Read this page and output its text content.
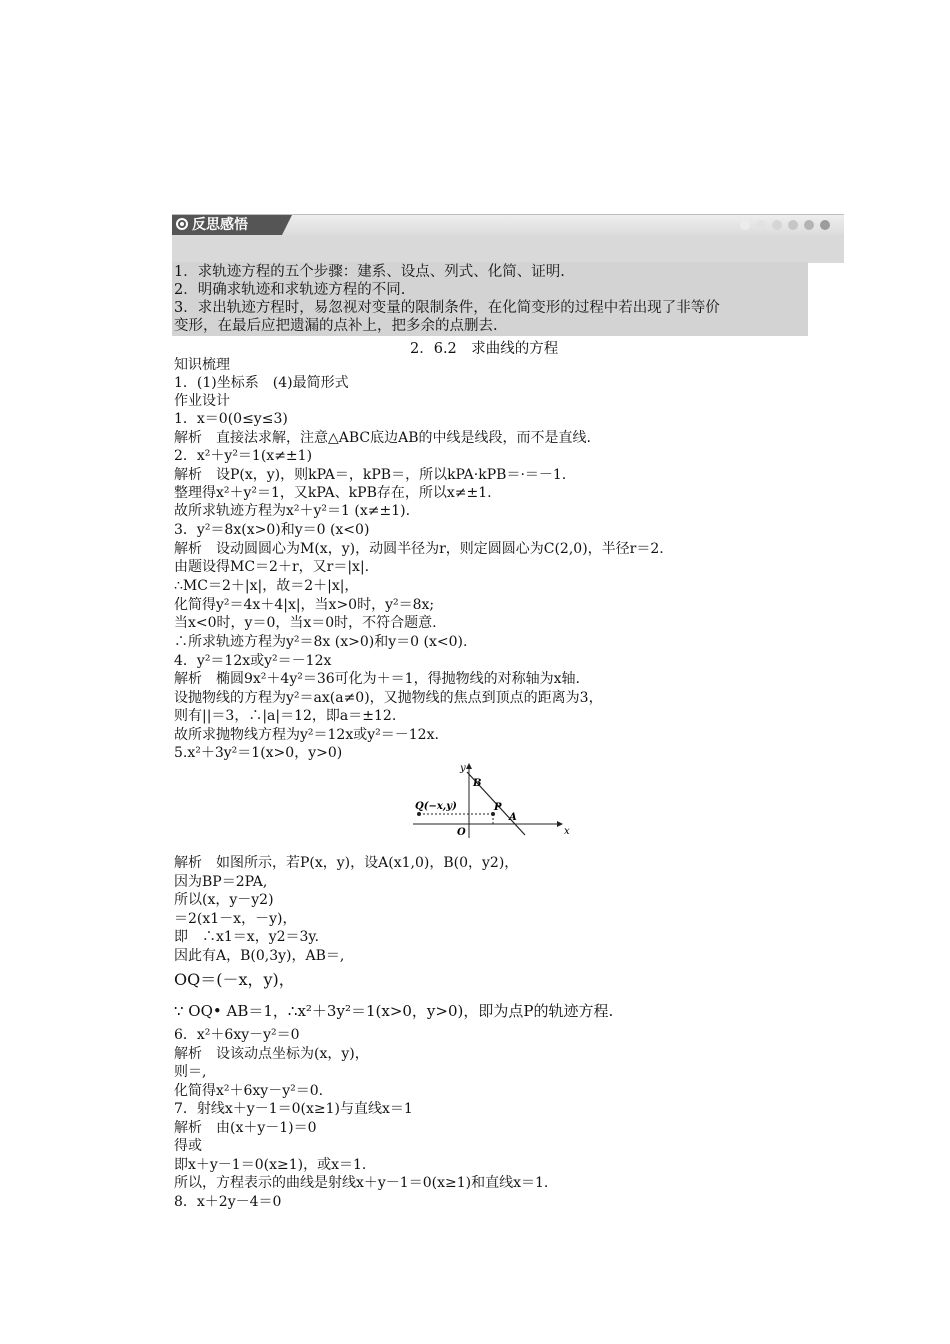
反思感悟
1．求轨迹方程的五个步骤：建系、设点、列式、化简、证明.
2．明确求轨迹和求轨迹方程的不同.
3．求出轨迹方程时，易忽视对变量的限制条件，在化简变形的过程中若出现了非等价
变形，在最后应把遗漏的点补上，把多余的点删去.
2．6.2　求曲线的方程
知识梳理
1．(1)坐标系　(4)最简形式
作业设计
1．x＝0(0≤y≤3)
解析　直接法求解，注意△ABC底边AB的中线是线段，而不是直线.
2．x²＋y²＝1(x≠±1)
解析　设P(x，y)，则kPA＝，kPB＝，所以kPA·kPB＝·＝－1.
整理得x²＋y²＝1，又kPA、kPB存在，所以x≠±1.
故所求轨迹方程为x²＋y²＝1 (x≠±1).
3．y²＝8x(x>0)和y＝0 (x<0)
解析　设动圆圆心为M(x，y)，动圆半径为r，则定圆圆心为C(2,0)，半径r＝2.
由题设得MC＝2＋r，又r＝|x|.
∴MC＝2＋|x|，故＝2＋|x|，
化简得y²＝4x＋4|x|，当x>0时，y²＝8x;
当x<0时，y＝0，当x＝0时，不符合题意.
∴所求轨迹方程为y²＝8x (x>0)和y＝0 (x<0).
4．y²＝12x或y²＝－12x
解析　椭圆9x²＋4y²＝36可化为＋＝1，得抛物线的对称轴为x轴.
设抛物线的方程为y²＝ax(a≠0)，又抛物线的焦点到顶点的距离为3，
则有||＝3，∴|a|＝12，即a＝±12.
故所求抛物线方程为y²＝12x或y²＝－12x.
5.x²＋3y²＝1(x>0，y>0)
y
x
B
P
A
O
Q(−x,y)
解析　如图所示，若P(x，y)，设A(x1,0)，B(0，y2)，
因为BP＝2PA,
所以(x，y－y2)
＝2(x1－x，－y)，
即　∴x1＝x，y2＝3y.
因此有A，B(0,3y)，AB＝,
OQ＝(－x，y)，
∵ OQ• AB＝1，∴x²＋3y²＝1(x>0，y>0)，即为点P的轨迹方程.
6．x²＋6xy－y²＝0
解析　设该动点坐标为(x，y)，
则＝,
化简得x²＋6xy－y²＝0.
7．射线x＋y－1＝0(x≥1)与直线x＝1
解析　由(x＋y－1)＝0
得或
即x＋y－1＝0(x≥1)，或x＝1.
所以，方程表示的曲线是射线x＋y－1＝0(x≥1)和直线x＝1.
8．x＋2y－4＝0
